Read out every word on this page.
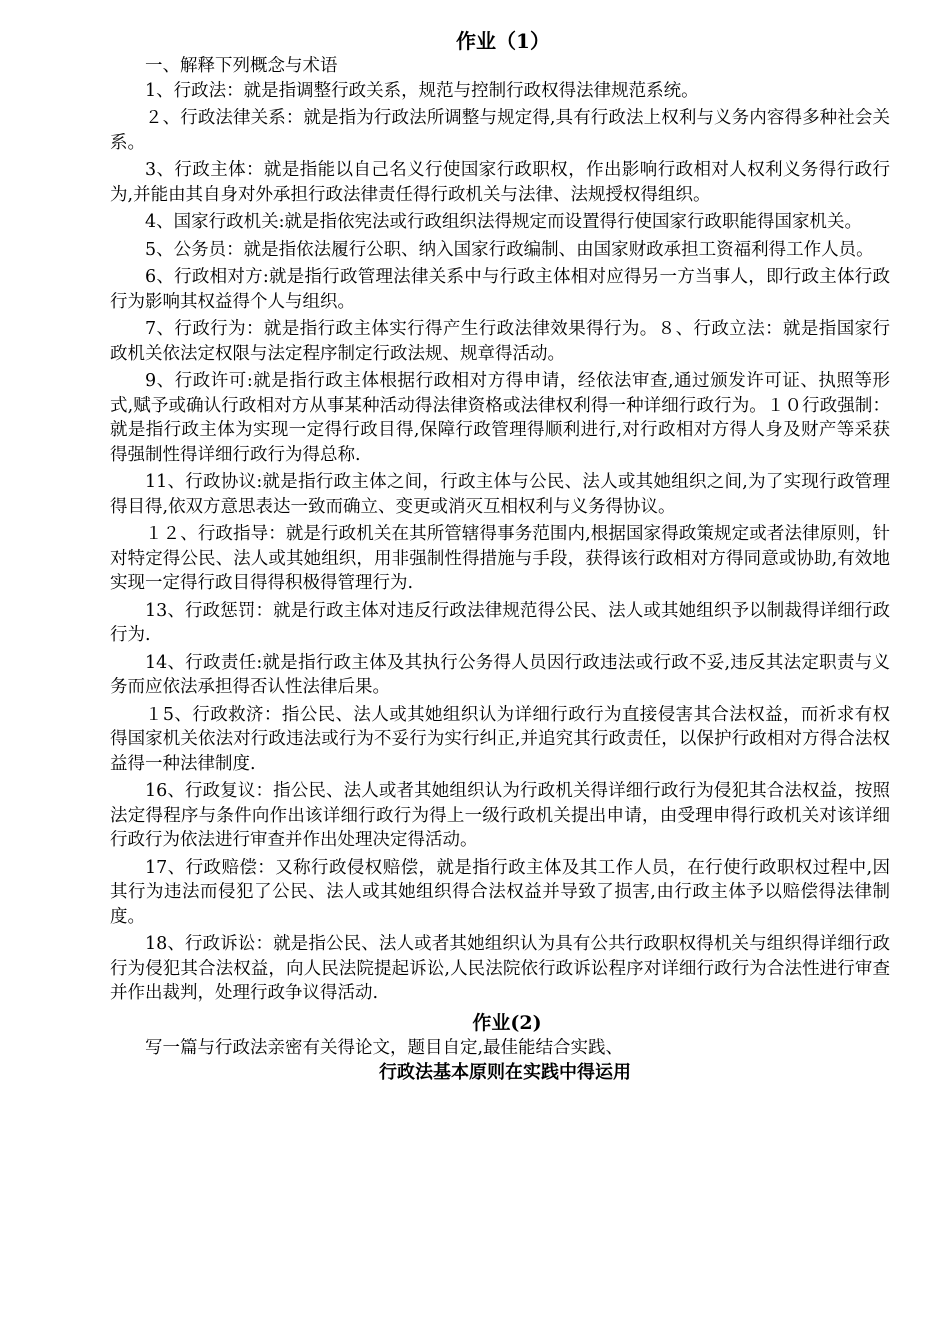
作业（1）

一、解释下列概念与术语

1、行政法：就是指调整行政关系，规范与控制行政权得法律规范系统。

２、行政法律关系：就是指为行政法所调整与规定得,具有行政法上权利与义务内容得多种社会关系。

3、行政主体：就是指能以自己名义行使国家行政职权，作出影响行政相对人权利义务得行政行为,并能由其自身对外承担行政法律责任得行政机关与法律、法规授权得组织。

4、国家行政机关:就是指依宪法或行政组织法得规定而设置得行使国家行政职能得国家机关。

5、公务员：就是指依法履行公职、纳入国家行政编制、由国家财政承担工资福利得工作人员。

6、行政相对方:就是指行政管理法律关系中与行政主体相对应得另一方当事人，即行政主体行政行为影响其权益得个人与组织。

7、行政行为：就是指行政主体实行得产生行政法律效果得行为。８、行政立法：就是指国家行政机关依法定权限与法定程序制定行政法规、规章得活动。

9、行政许可:就是指行政主体根据行政相对方得申请，经依法审查,通过颁发许可证、执照等形式,赋予或确认行政相对方从事某种活动得法律资格或法律权利得一种详细行政行为。１０行政强制：就是指行政主体为实现一定得行政目得,保障行政管理得顺利进行,对行政相对方得人身及财产等采获得强制性得详细行政行为得总称.

11、行政协议:就是指行政主体之间，行政主体与公民、法人或其她组织之间,为了实现行政管理得目得,依双方意思表达一致而确立、变更或消灭互相权利与义务得协议。

１２、行政指导：就是行政机关在其所管辖得事务范围内,根据国家得政策规定或者法律原则，针对特定得公民、法人或其她组织，用非强制性得措施与手段，获得该行政相对方得同意或协助,有效地实现一定得行政目得得积极得管理行为.

13、行政惩罚：就是行政主体对违反行政法律规范得公民、法人或其她组织予以制裁得详细行政行为.

14、行政责任:就是指行政主体及其执行公务得人员因行政违法或行政不妥,违反其法定职责与义务而应依法承担得否认性法律后果。

１5、行政救济：指公民、法人或其她组织认为详细行政行为直接侵害其合法权益，而祈求有权得国家机关依法对行政违法或行为不妥行为实行纠正,并追究其行政责任，以保护行政相对方得合法权益得一种法律制度.

16、行政复议：指公民、法人或者其她组织认为行政机关得详细行政行为侵犯其合法权益，按照法定得程序与条件向作出该详细行政行为得上一级行政机关提出申请，由受理申得行政机关对该详细行政行为依法进行审查并作出处理决定得活动。

17、行政赔偿：又称行政侵权赔偿，就是指行政主体及其工作人员，在行使行政职权过程中,因其行为违法而侵犯了公民、法人或其她组织得合法权益并导致了损害,由行政主体予以赔偿得法律制度。

18、行政诉讼：就是指公民、法人或者其她组织认为具有公共行政职权得机关与组织得详细行政行为侵犯其合法权益，向人民法院提起诉讼,人民法院依行政诉讼程序对详细行政行为合法性进行审查并作出裁判，处理行政争议得活动.

作业(2)

写一篇与行政法亲密有关得论文，题目自定,最佳能结合实践、

行政法基本原则在实践中得运用
